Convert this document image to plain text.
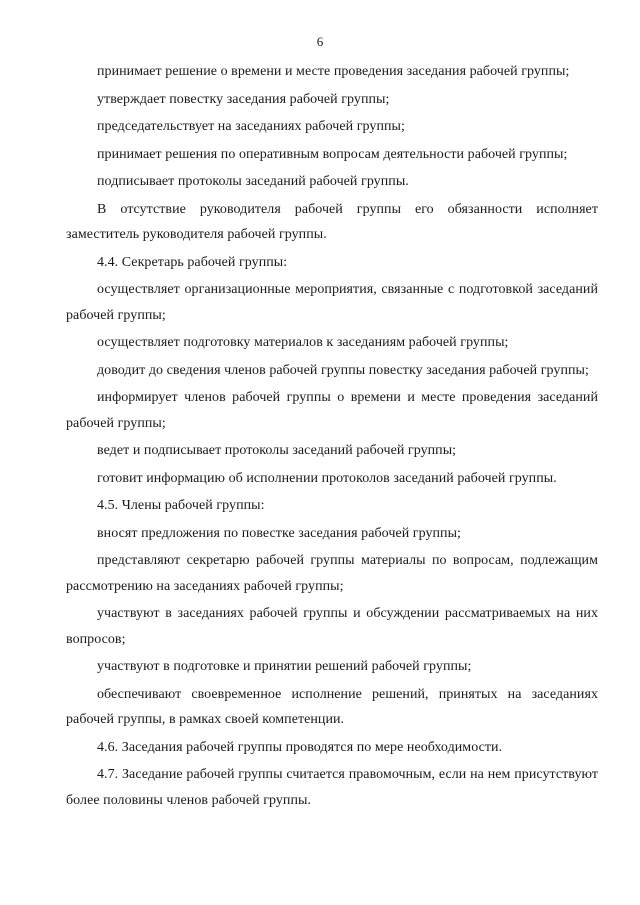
6

принимает решение о времени и месте проведения заседания рабочей группы;

утверждает повестку заседания рабочей группы;

председательствует на заседаниях рабочей группы;

принимает решения по оперативным вопросам деятельности рабочей группы;

подписывает протоколы заседаний рабочей группы.

В отсутствие руководителя рабочей группы его обязанности исполняет заместитель руководителя рабочей группы.

4.4. Секретарь рабочей группы:

осуществляет организационные мероприятия, связанные с подготовкой заседаний рабочей группы;

осуществляет подготовку материалов к заседаниям рабочей группы;

доводит до сведения членов рабочей группы повестку заседания рабочей группы;

информирует членов рабочей группы о времени и месте проведения заседаний рабочей группы;

ведет и подписывает протоколы заседаний рабочей группы;

готовит информацию об исполнении протоколов заседаний рабочей группы.

4.5. Члены рабочей группы:

вносят предложения по повестке заседания рабочей группы;

представляют секретарю рабочей группы материалы по вопросам, подлежащим рассмотрению на заседаниях рабочей группы;

участвуют в заседаниях рабочей группы и обсуждении рассматриваемых на них вопросов;

участвуют в подготовке и принятии решений рабочей группы;

обеспечивают своевременное исполнение решений, принятых на заседаниях рабочей группы, в рамках своей компетенции.

4.6. Заседания рабочей группы проводятся по мере необходимости.

4.7. Заседание рабочей группы считается правомочным, если на нем присутствуют более половины членов рабочей группы.
